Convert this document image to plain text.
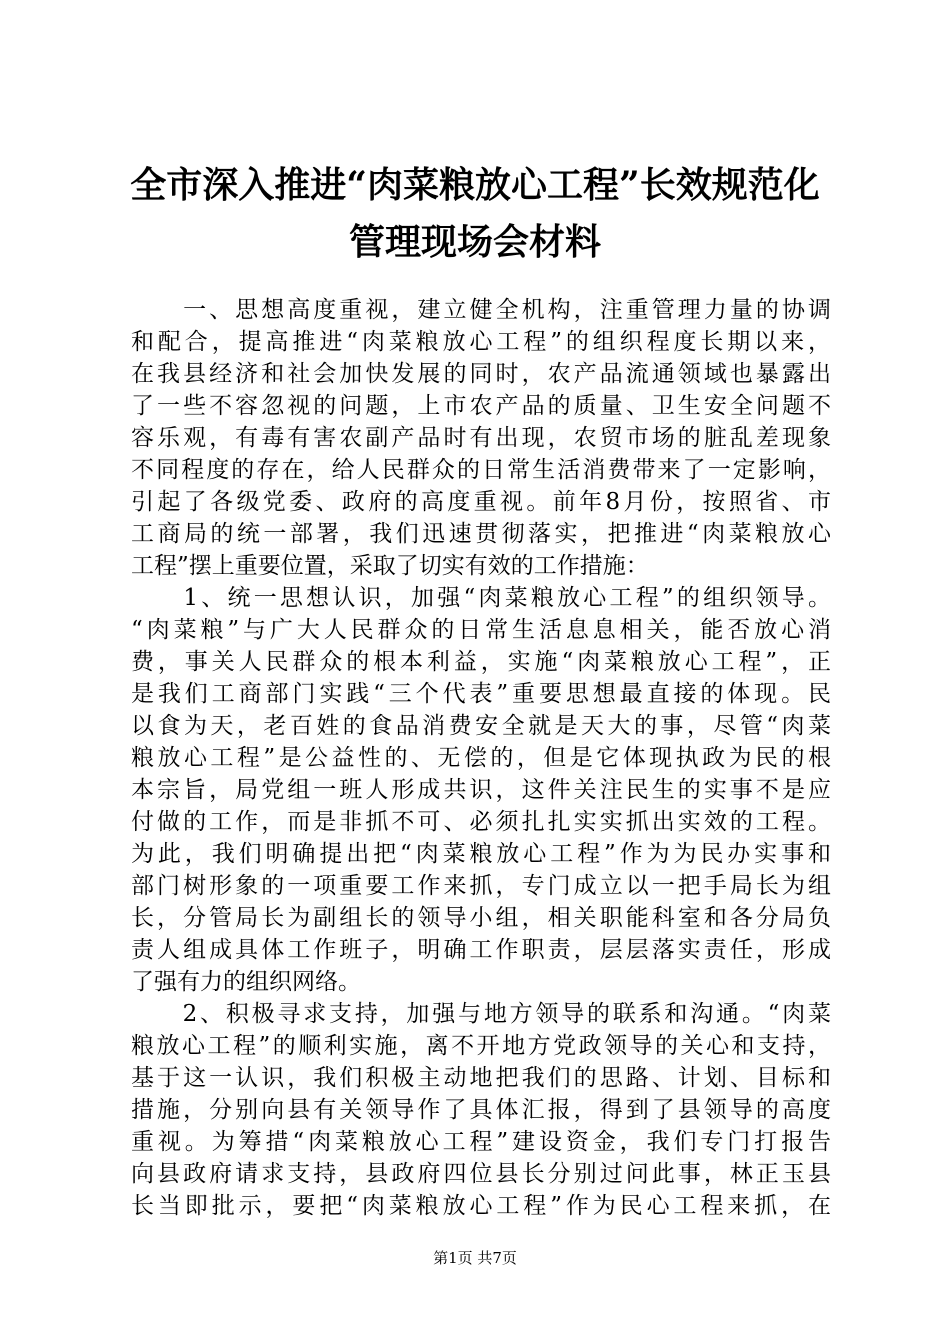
全市深入推进“肉菜粮放心工程”长效规范化
管理现场会材料
　　一、思想高度重视，建立健全机构，注重管理力量的协调
和配合，提高推进“肉菜粮放心工程”的组织程度长期以来，
在我县经济和社会加快发展的同时，农产品流通领域也暴露出
了一些不容忽视的问题，上市农产品的质量、卫生安全问题不
容乐观，有毒有害农副产品时有出现，农贸市场的脏乱差现象
不同程度的存在，给人民群众的日常生活消费带来了一定影响，
引起了各级党委、政府的高度重视。前年8月份，按照省、市
工商局的统一部署，我们迅速贯彻落实，把推进“肉菜粮放心
工程”摆上重要位置，采取了切实有效的工作措施：
　　1、统一思想认识，加强“肉菜粮放心工程”的组织领导。
“肉菜粮”与广大人民群众的日常生活息息相关，能否放心消
费，事关人民群众的根本利益，实施“肉菜粮放心工程”，正
是我们工商部门实践“三个代表”重要思想最直接的体现。民
以食为天，老百姓的食品消费安全就是天大的事，尽管“肉菜
粮放心工程”是公益性的、无偿的，但是它体现执政为民的根
本宗旨，局党组一班人形成共识，这件关注民生的实事不是应
付做的工作，而是非抓不可、必须扎扎实实抓出实效的工程。
为此，我们明确提出把“肉菜粮放心工程”作为为民办实事和
部门树形象的一项重要工作来抓，专门成立以一把手局长为组
长，分管局长为副组长的领导小组，相关职能科室和各分局负
责人组成具体工作班子，明确工作职责，层层落实责任，形成
了强有力的组织网络。
　　2、积极寻求支持，加强与地方领导的联系和沟通。“肉菜
粮放心工程”的顺利实施，离不开地方党政领导的关心和支持，
基于这一认识，我们积极主动地把我们的思路、计划、目标和
措施，分别向县有关领导作了具体汇报，得到了县领导的高度
重视。为筹措“肉菜粮放心工程”建设资金，我们专门打报告
向县政府请求支持，县政府四位县长分别过问此事，林正玉县
长当即批示，要把“肉菜粮放心工程”作为民心工程来抓，在
第1页 共7页
